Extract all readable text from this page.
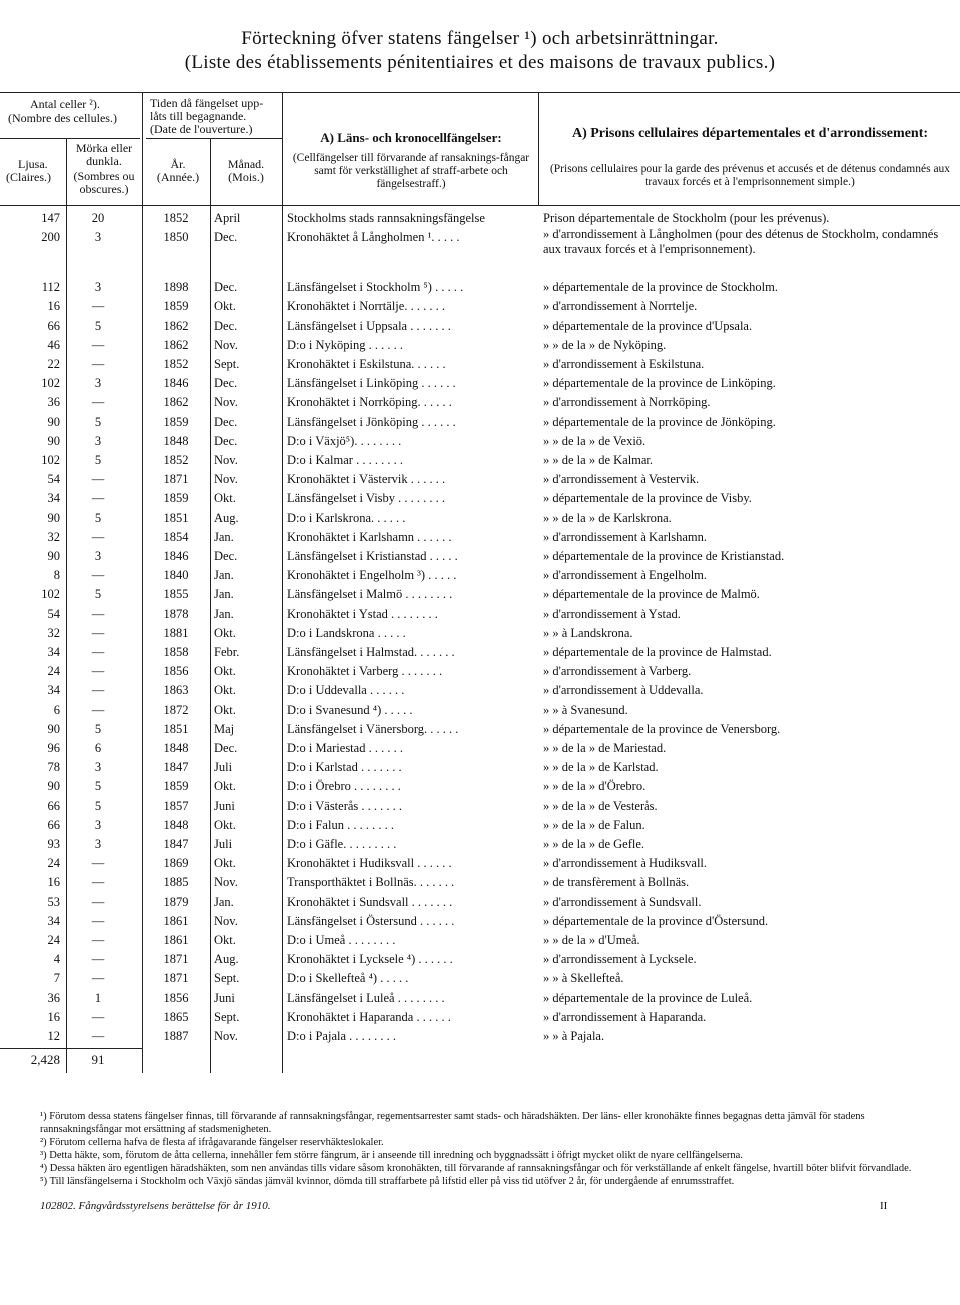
Förteckning öfver statens fängelser ¹) och arbetsinrättningar.
(Liste des établissements pénitentiaires et des maisons de travaux publics.)
Antal celler ²).
(Nombre des cellules.)
Ljusa.
(Claires.)
Mörka eller dunkla.
(Sombres ou obscures.)
Tiden då fängelset upp-
låts till begagnande.
(Date de l'ouverture.)
År.
(Année.)
Månad.
(Mois.)
A) Läns- och kronocellfängelser:
(Cellfängelser till förvarande af ransaknings-fångar samt för verkställighet af straff-arbete och fängelsestraff.)
A) Prisons cellulaires départementales et d'arrondissement:
(Prisons cellulaires pour la garde des prévenus et accusés et de détenus condamnés aux travaux forcés et à l'emprisonnement simple.)
147	20	1852	April	Stockholms stads rannsakningsfängelse	Prison départementale de Stockholm (pour les prévenus).
200	3	1850	Dec.	Kronohäktet å Långholmen ¹. . . . .	» d'arrondissement à Långholmen (pour des détenus de Stockholm, condamnés aux travaux forcés et à l'emprisonnement).
112	3	1898	Dec.	Länsfängelset i Stockholm ⁵) . . . . .	» départementale de la province de Stockholm.
16	—	1859	Okt.	Kronohäktet i Norrtälje. . . . . . .	» d'arrondissement à Norrtelje.
66	5	1862	Dec.	Länsfängelset i Uppsala . . . . . . .	» départementale de la province d'Upsala.
46	—	1862	Nov.	D:o i Nyköping . . . . . .	» » de la » de Nyköping.
22	—	1852	Sept.	Kronohäktet i Eskilstuna. . . . . .	» d'arrondissement à Eskilstuna.
102	3	1846	Dec.	Länsfängelset i Linköping . . . . . .	» départementale de la province de Linköping.
36	—	1862	Nov.	Kronohäktet i Norrköping. . . . . .	» d'arrondissement à Norrköping.
90	5	1859	Dec.	Länsfängelset i Jönköping . . . . . .	» départementale de la province de Jönköping.
90	3	1848	Dec.	D:o i Växjö⁵). . . . . . . .	» » de la » de Vexiö.
102	5	1852	Nov.	D:o i Kalmar . . . . . . . .	» » de la » de Kalmar.
54	—	1871	Nov.	Kronohäktet i Västervik . . . . . .	» d'arrondissement à Vestervik.
34	—	1859	Okt.	Länsfängelset i Visby . . . . . . . .	» départementale de la province de Visby.
90	5	1851	Aug.	D:o i Karlskrona. . . . . .	» » de la » de Karlskrona.
32	—	1854	Jan.	Kronohäktet i Karlshamn . . . . . .	» d'arrondissement à Karlshamn.
90	3	1846	Dec.	Länsfängelset i Kristianstad . . . . .	» départementale de la province de Kristianstad.
8	—	1840	Jan.	Kronohäktet i Engelholm ³) . . . . .	» d'arrondissement à Engelholm.
102	5	1855	Jan.	Länsfängelset i Malmö . . . . . . . .	» départementale de la province de Malmö.
54	—	1878	Jan.	Kronohäktet i Ystad . . . . . . . .	» d'arrondissement à Ystad.
32	—	1881	Okt.	D:o i Landskrona . . . . .	» » à Landskrona.
34	—	1858	Febr.	Länsfängelset i Halmstad. . . . . . .	» départementale de la province de Halmstad.
24	—	1856	Okt.	Kronohäktet i Varberg . . . . . . .	» d'arrondissement à Varberg.
34	—	1863	Okt.	D:o i Uddevalla . . . . . .	» d'arrondissement à Uddevalla.
6	—	1872	Okt.	D:o i Svanesund ⁴) . . . . .	» » à Svanesund.
90	5	1851	Maj	Länsfängelset i Vänersborg. . . . . .	» départementale de la province de Venersborg.
96	6	1848	Dec.	D:o i Mariestad . . . . . .	» » de la » de Mariestad.
78	3	1847	Juli	D:o i Karlstad . . . . . . .	» » de la » de Karlstad.
90	5	1859	Okt.	D:o i Örebro . . . . . . . .	» » de la » d'Örebro.
66	5	1857	Juni	D:o i Västerås . . . . . . .	» » de la » de Vesterås.
66	3	1848	Okt.	D:o i Falun . . . . . . . .	» » de la » de Falun.
93	3	1847	Juli	D:o i Gäfle. . . . . . . . .	» » de la » de Gefle.
24	—	1869	Okt.	Kronohäktet i Hudiksvall . . . . . .	» d'arrondissement à Hudiksvall.
16	—	1885	Nov.	Transporthäktet i Bollnäs. . . . . . .	» de transfèrement à Bollnäs.
53	—	1879	Jan.	Kronohäktet i Sundsvall . . . . . . .	» d'arrondissement à Sundsvall.
34	—	1861	Nov.	Länsfängelset i Östersund . . . . . .	» départementale de la province d'Östersund.
24	—	1861	Okt.	D:o i Umeå . . . . . . . .	» » de la » d'Umeå.
4	—	1871	Aug.	Kronohäktet i Lycksele ⁴) . . . . . .	» d'arrondissement à Lycksele.
7	—	1871	Sept.	D:o i Skellefteå ⁴) . . . . .	» » à Skellefteå.
36	1	1856	Juni	Länsfängelset i Luleå . . . . . . . .	» départementale de la province de Luleå.
16	—	1865	Sept.	Kronohäktet i Haparanda . . . . . .	» d'arrondissement à Haparanda.
12	—	1887	Nov.	D:o i Pajala . . . . . . . .	» » à Pajala.
2,428	91

¹) Förutom dessa statens fängelser finnas, till förvarande af rannsakningsfångar, regementsarrester samt stads- och häradshäkten. Der läns- eller kronohäkte finnes begagnas detta jämväl för stadens rannsakningsfångar mot ersättning af stadsmenigheten.

²) Förutom cellerna hafva de flesta af ifrågavarande fängelser reservhäkteslokaler.

³) Detta häkte, som, förutom de åtta cellerna, innehåller fem större fängrum, är i anseende till inredning och byggnadssätt i öfrigt mycket olikt de nyare cellfängelserna.

⁴) Dessa häkten äro egentligen häradshäkten, som nen användas tills vidare såsom kronohäkten, till förvarande af rannsakningsfångar och för verkställande af enkelt fängelse, hvartill böter blifvit förvandlade.

⁵) Till länsfängelserna i Stockholm och Växjö sändas jämväl kvinnor, dömda till straffarbete på lifstid eller på viss tid utöfver 2 år, för undergående af enrumsstraffet.

102802. Fångvårdsstyrelsens berättelse för år 1910.	II
